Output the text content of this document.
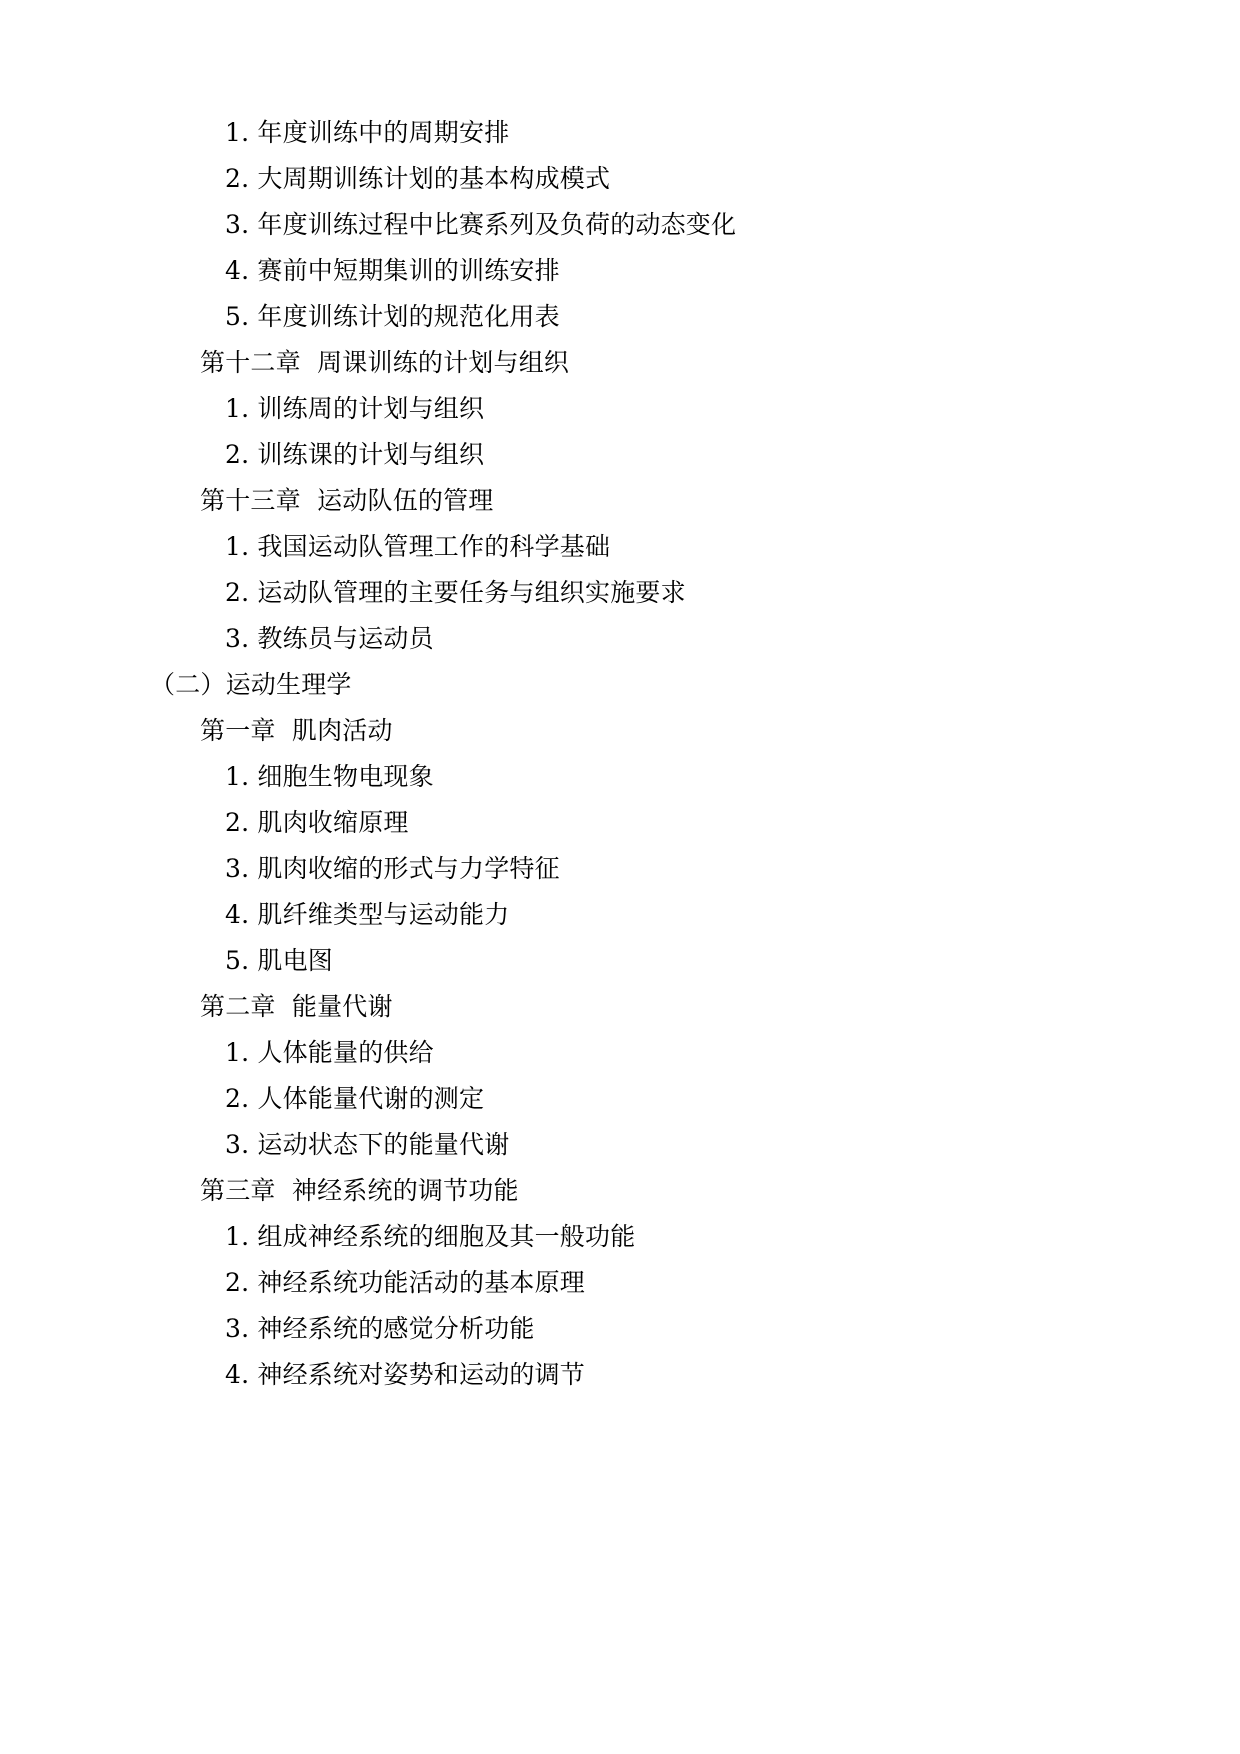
1. 年度训练中的周期安排
2. 大周期训练计划的基本构成模式
3. 年度训练过程中比赛系列及负荷的动态变化
4. 赛前中短期集训的训练安排
5. 年度训练计划的规范化用表
第十二章  周课训练的计划与组织
1. 训练周的计划与组织
2. 训练课的计划与组织
第十三章  运动队伍的管理
1. 我国运动队管理工作的科学基础
2. 运动队管理的主要任务与组织实施要求
3. 教练员与运动员
（二）运动生理学
第一章  肌肉活动
1. 细胞生物电现象
2. 肌肉收缩原理
3. 肌肉收缩的形式与力学特征
4. 肌纤维类型与运动能力
5. 肌电图
第二章  能量代谢
1. 人体能量的供给
2. 人体能量代谢的测定
3. 运动状态下的能量代谢
第三章  神经系统的调节功能
1. 组成神经系统的细胞及其一般功能
2. 神经系统功能活动的基本原理
3. 神经系统的感觉分析功能
4. 神经系统对姿势和运动的调节
